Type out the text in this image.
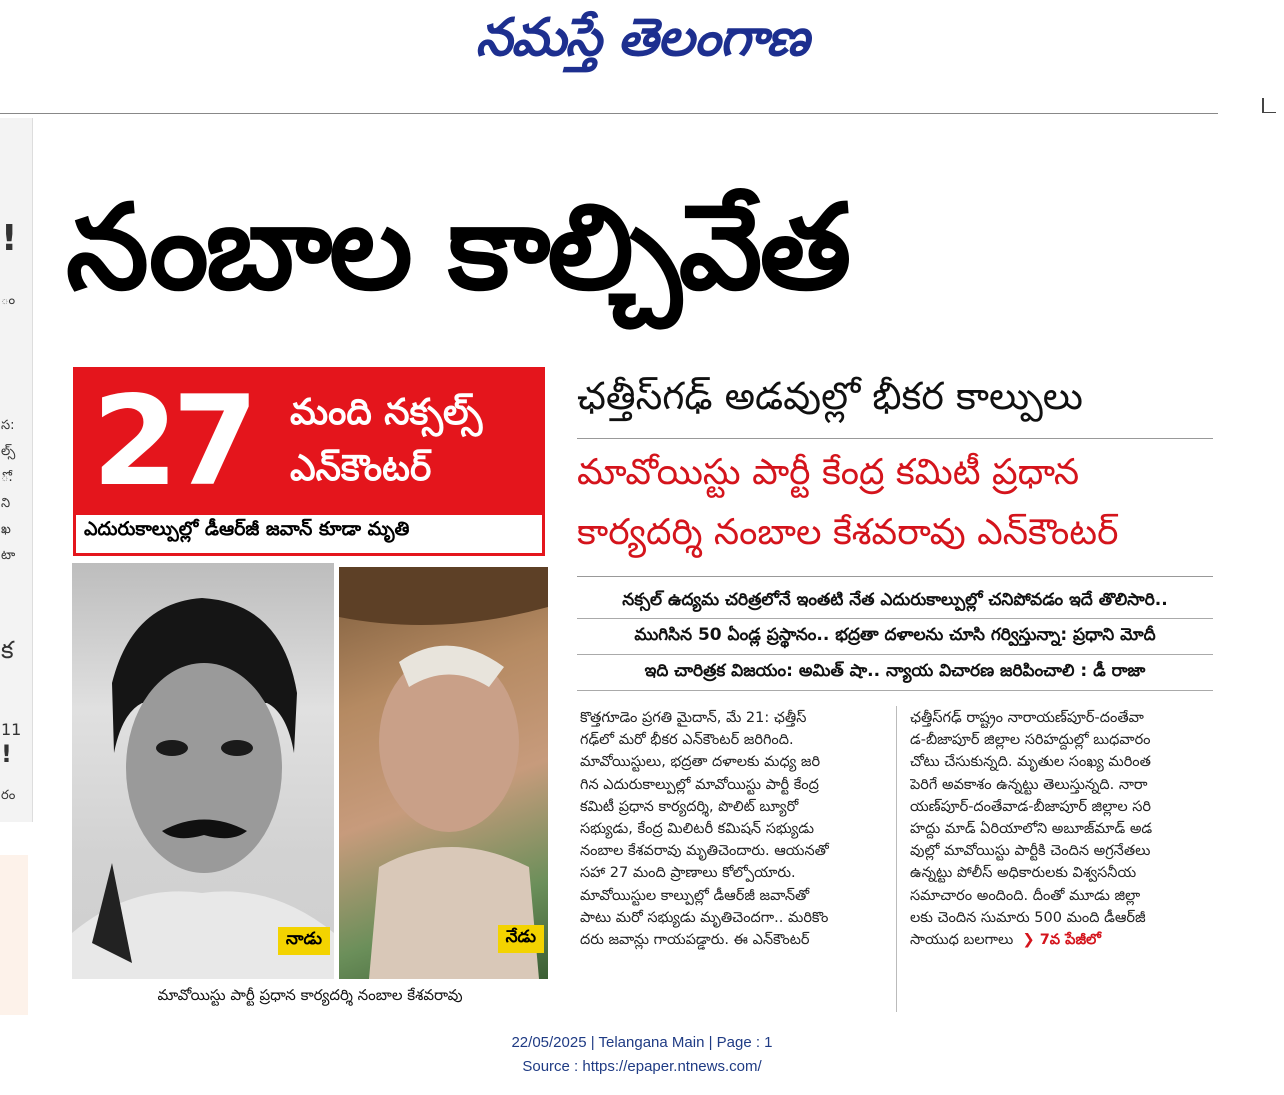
నమస్తే తెలంగాణ
!
ం
స:
ల్స్
ో.
ని
ఖ
టా
క
11
!
రం
నంబాల కాల్చివేత
27 మంది నక్సల్స్
ఎన్‌కౌంటర్
ఎదురుకాల్పుల్లో డీఆర్‌జీ జవాన్ కూడా మృతి
ఛత్తీస్‌గఢ్ అడవుల్లో భీకర కాల్పులు
మావోయిస్టు పార్టీ కేంద్ర కమిటీ ప్రధాన
కార్యదర్శి నంబాల కేశవరావు ఎన్‌కౌంటర్
నక్సల్ ఉద్యమ చరిత్రలోనే ఇంతటి నేత ఎదురుకాల్పుల్లో చనిపోవడం ఇదే తొలిసారి..
ముగిసిన 50 ఏండ్ల ప్రస్థానం.. భద్రతా దళాలను చూసి గర్విస్తున్నా: ప్రధాని మోదీ
ఇది చారిత్రక విజయం: అమిత్ షా.. న్యాయ విచారణ జరిపించాలి : డీ రాజా
నాడు	నేడు
మావోయిస్టు పార్టీ ప్రధాన కార్యదర్శి నంబాల కేశవరావు
కొత్తగూడెం ప్రగతి మైదాన్, మే 21: ఛత్తీస్
గఢ్‌లో మరో భీకర ఎన్‌కౌంటర్ జరిగింది.
మావోయిస్టులు, భద్రతా దళాలకు మధ్య జరి
గిన ఎదురుకాల్పుల్లో మావోయిస్టు పార్టీ కేంద్ర
కమిటీ ప్రధాన కార్యదర్శి, పొలిట్ బ్యూరో
సభ్యుడు, కేంద్ర మిలిటరీ కమిషన్ సభ్యుడు
నంబాల కేశవరావు మృతిచెందారు. ఆయనతో
సహా 27 మంది ప్రాణాలు కోల్పోయారు.
మావోయిస్టుల కాల్పుల్లో డీఆర్‌జీ జవాన్‌తో
పాటు మరో సభ్యుడు మృతిచెందగా.. మరికొం
దరు జవాన్లు గాయపడ్డారు. ఈ ఎన్‌కౌంటర్
ఛత్తీస్‌గఢ్ రాష్ట్రం నారాయణ్‌పూర్-దంతేవా
డ-బీజాపూర్ జిల్లాల సరిహద్దుల్లో బుధవారం
చోటు చేసుకున్నది. మృతుల సంఖ్య మరింత
పెరిగే అవకాశం ఉన్నట్టు తెలుస్తున్నది. నారా
యణ్‌పూర్-దంతేవాడ-బీజాపూర్ జిల్లాల సరి
హద్దు మాడ్ ఏరియాలోని అబూజ్‌మాడ్ అడ
వుల్లో మావోయిస్టు పార్టీకి చెందిన అగ్రనేతలు
ఉన్నట్టు పోలీస్ అధికారులకు విశ్వసనీయ
సమాచారం అందింది. దీంతో మూడు జిల్లా
లకు చెందిన సుమారు 500 మంది డీఆర్‌జీ
సాయుధ బలగాలు ❯ 7వ పేజీలో
22/05/2025 | Telangana Main | Page : 1
Source : https://epaper.ntnews.com/
